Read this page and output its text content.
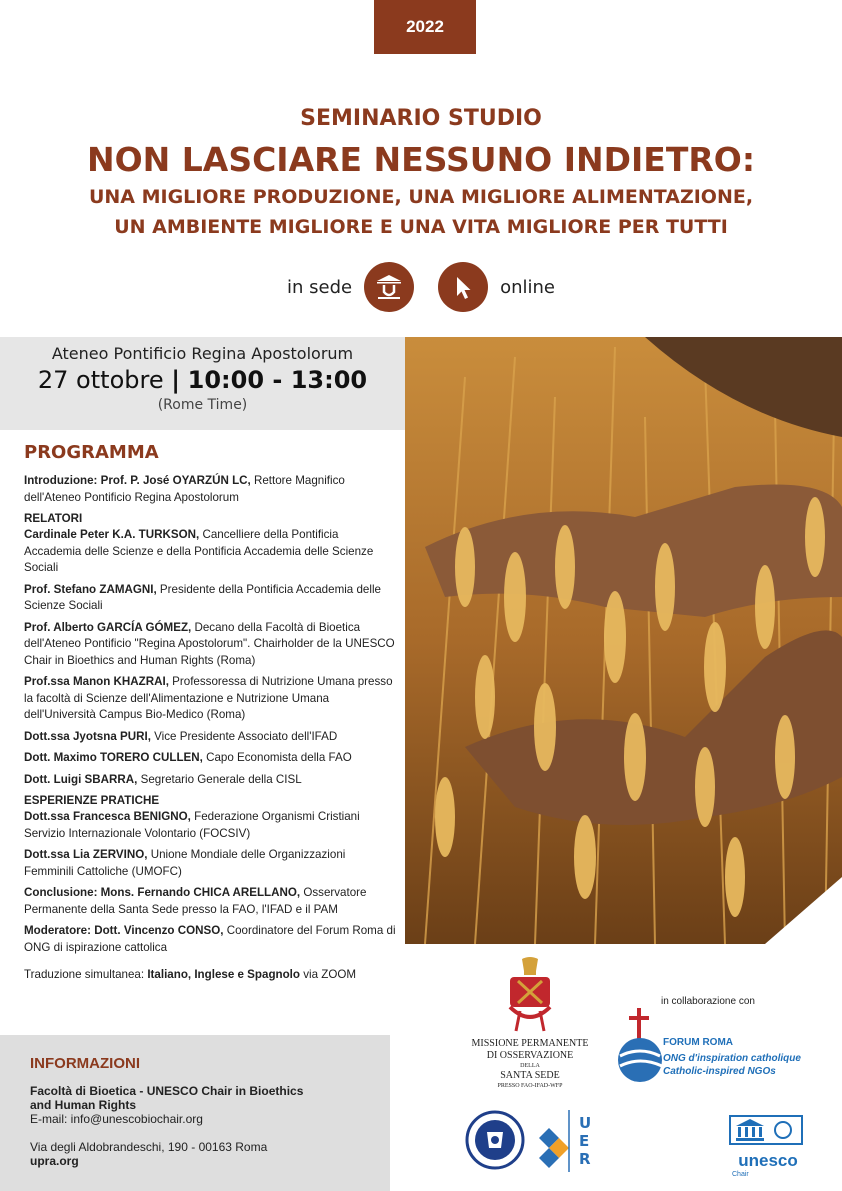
2022
SEMINARIO STUDIO
NON LASCIARE NESSUNO INDIETRO:
UNA MIGLIORE PRODUZIONE, UNA MIGLIORE ALIMENTAZIONE,
UN AMBIENTE MIGLIORE E UNA VITA MIGLIORE PER TUTTI
in sede	online
Ateneo Pontificio Regina Apostolorum
27 ottobre | 10:00 - 13:00
(Rome Time)
PROGRAMMA
Introduzione: Prof. P. José OYARZÚN LC, Rettore Magnifico dell'Ateneo Pontificio Regina Apostolorum
RELATORI
Cardinale Peter K.A. TURKSON, Cancelliere della Pontificia Accademia delle Scienze e della Pontificia Accademia delle Scienze Sociali
Prof. Stefano ZAMAGNI, Presidente della Pontificia Accademia delle Scienze Sociali
Prof. Alberto GARCÍA GÓMEZ, Decano della Facoltà di Bioetica dell'Ateneo Pontificio "Regina Apostolorum". Chairholder de la UNESCO Chair in Bioethics and Human Rights (Roma)
Prof.ssa Manon KHAZRAI, Professoressa di Nutrizione Umana presso la facoltà di Scienze dell'Alimentazione e Nutrizione Umana dell'Università Campus Bio-Medico (Roma)
Dott.ssa Jyotsna PURI, Vice Presidente Associato dell'IFAD
Dott. Maximo TORERO CULLEN, Capo Economista della FAO
Dott. Luigi SBARRA, Segretario Generale della CISL
ESPERIENZE PRATICHE
Dott.ssa Francesca BENIGNO, Federazione Organismi Cristiani Servizio Internazionale Volontario (FOCSIV)
Dott.ssa Lia ZERVINO, Unione Mondiale delle Organizzazioni Femminili Cattoliche (UMOFC)
Conclusione: Mons. Fernando CHICA ARELLANO, Osservatore Permanente della Santa Sede presso la FAO, l'IFAD e il PAM
Moderatore: Dott. Vincenzo CONSO, Coordinatore del Forum Roma di ONG di ispirazione cattolica
Traduzione simultanea: Italiano, Inglese e Spagnolo via ZOOM
INFORMAZIONI
Facoltà di Bioetica - UNESCO Chair in Bioethics
and Human Rights
E-mail: info@unescobiochair.org
Via degli Aldobrandeschi, 190 - 00163 Roma
upra.org
MISSIONE PERMANENTE
DI OSSERVAZIONE
DELLA
SANTA SEDE
PRESSO FAO-IFAD-WFP
in collaborazione con
FORUM ROMA
ONG d'inspiration catholique
Catholic-inspired NGOs
UER	unesco
Chair
